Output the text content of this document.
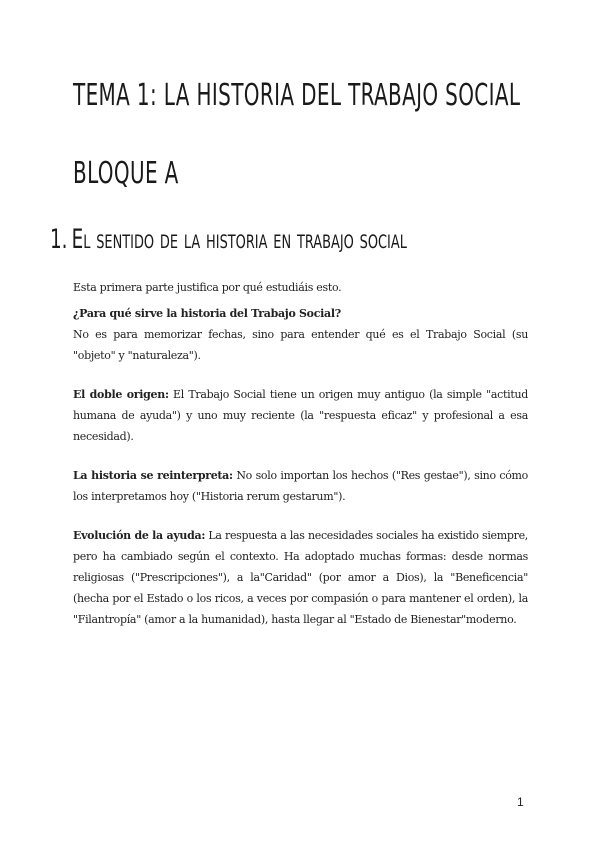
TEMA 1: LA HISTORIA DEL TRABAJO SOCIAL
BLOQUE A
1. El sentido de la historia en trabajo social

Esta primera parte justifica por qué estudiáis esto.

¿Para qué sirve la historia del Trabajo Social?
No es para memorizar fechas, sino para entender qué es el Trabajo Social (su "objeto" y "naturaleza").

El doble origen: El Trabajo Social tiene un origen muy antiguo (la simple "actitud humana de ayuda") y uno muy reciente (la "respuesta eficaz" y profesional a esa necesidad).

La historia se reinterpreta: No solo importan los hechos ("Res gestae"), sino cómo los interpretamos hoy ("Historia rerum gestarum").

Evolución de la ayuda: La respuesta a las necesidades sociales ha existido siempre, pero ha cambiado según el contexto. Ha adoptado muchas formas: desde normas religiosas ("Prescripciones"), a la"Caridad" (por amor a Dios), la "Beneficencia" (hecha por el Estado o los ricos, a veces por compasión o para mantener el orden), la "Filantropía" (amor a la humanidad), hasta llegar al "Estado de Bienestar"moderno.

1
